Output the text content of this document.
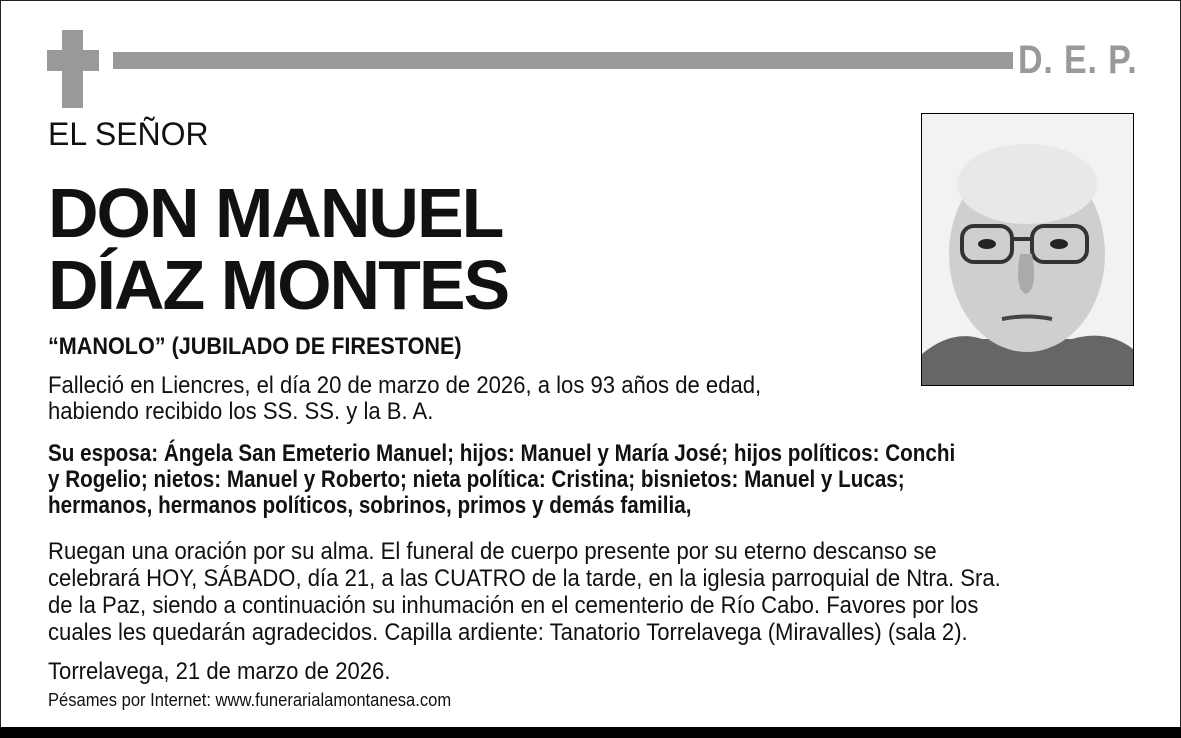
D. E. P.
EL SEÑOR
DON MANUEL
DÍAZ MONTES
“MANOLO” (JUBILADO DE FIRESTONE)
Falleció en Liencres, el día 20 de marzo de 2026, a los 93 años de edad,
habiendo recibido los SS. SS. y la B. A.
Su esposa: Ángela San Emeterio Manuel; hijos: Manuel y María José; hijos políticos: Conchi
y Rogelio; nietos: Manuel y Roberto; nieta política: Cristina; bisnietos: Manuel y Lucas;
hermanos, hermanos políticos, sobrinos, primos y demás familia,
Ruegan una oración por su alma. El funeral de cuerpo presente por su eterno descanso se
celebrará HOY, SÁBADO, día 21, a las CUATRO de la tarde, en la iglesia parroquial de Ntra. Sra.
de la Paz, siendo a continuación su inhumación en el cementerio de Río Cabo. Favores por los
cuales les quedarán agradecidos. Capilla ardiente: Tanatorio Torrelavega (Miravalles) (sala 2).
Torrelavega, 21 de marzo de 2026.
Pésames por Internet: www.funerarialamontanesa.com
